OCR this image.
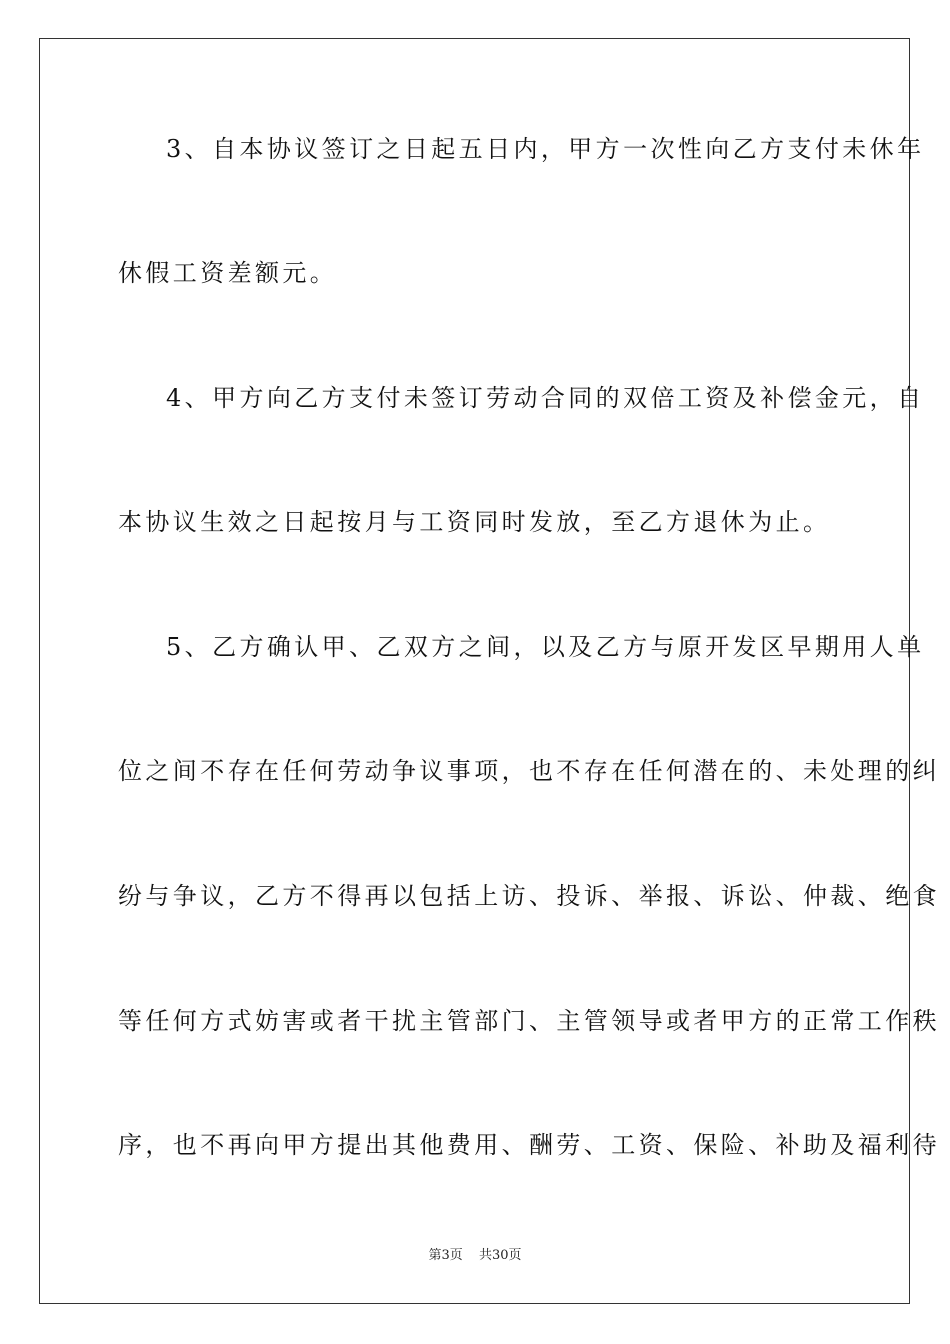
3、自本协议签订之日起五日内，甲方一次性向乙方支付未休年
休假工资差额元。
4、甲方向乙方支付未签订劳动合同的双倍工资及补偿金元，自
本协议生效之日起按月与工资同时发放，至乙方退休为止。
5、乙方确认甲、乙双方之间，以及乙方与原开发区早期用人单
位之间不存在任何劳动争议事项，也不存在任何潜在的、未处理的纠
纷与争议，乙方不得再以包括上访、投诉、举报、诉讼、仲裁、绝食
等任何方式妨害或者干扰主管部门、主管领导或者甲方的正常工作秩
序，也不再向甲方提出其他费用、酬劳、工资、保险、补助及福利待
第3页 共30页
